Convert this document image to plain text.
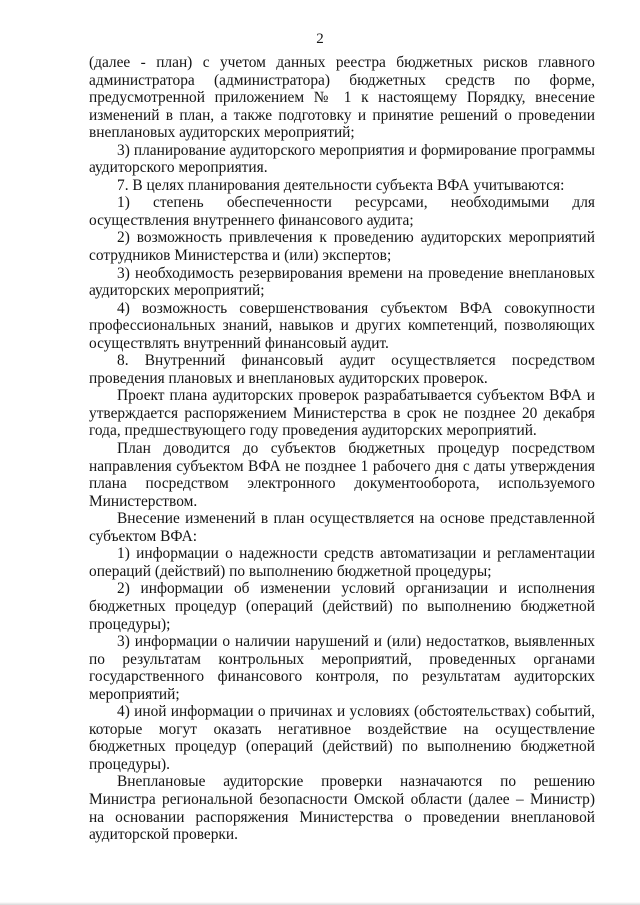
2

(далее - план) с учетом данных реестра бюджетных рисков главного администратора (администратора) бюджетных средств по форме, предусмотренной приложением № 1 к настоящему Порядку, внесение изменений в план, а также подготовку и принятие решений о проведении внеплановых аудиторских мероприятий;

3) планирование аудиторского мероприятия и формирование программы аудиторского мероприятия.

7. В целях планирования деятельности субъекта ВФА учитываются:

1) степень обеспеченности ресурсами, необходимыми для осуществления внутреннего финансового аудита;

2) возможность привлечения к проведению аудиторских мероприятий сотрудников Министерства и (или) экспертов;

3) необходимость резервирования времени на проведение внеплановых аудиторских мероприятий;

4) возможность совершенствования субъектом ВФА совокупности профессиональных знаний, навыков и других компетенций, позволяющих осуществлять внутренний финансовый аудит.

8. Внутренний финансовый аудит осуществляется посредством проведения плановых и внеплановых аудиторских проверок.

Проект плана аудиторских проверок разрабатывается субъектом ВФА и утверждается распоряжением Министерства в срок не позднее 20 декабря года, предшествующего году проведения аудиторских мероприятий.

План доводится до субъектов бюджетных процедур посредством направления субъектом ВФА не позднее 1 рабочего дня с даты утверждения плана посредством электронного документооборота, используемого Министерством.

Внесение изменений в план осуществляется на основе представленной субъектом ВФА:

1) информации о надежности средств автоматизации и регламентации операций (действий) по выполнению бюджетной процедуры;

2) информации об изменении условий организации и исполнения бюджетных процедур (операций (действий) по выполнению бюджетной процедуры);

3) информации о наличии нарушений и (или) недостатков, выявленных по результатам контрольных мероприятий, проведенных органами государственного финансового контроля, по результатам аудиторских мероприятий;

4) иной информации о причинах и условиях (обстоятельствах) событий, которые могут оказать негативное воздействие на осуществление бюджетных процедур (операций (действий) по выполнению бюджетной процедуры).

Внеплановые аудиторские проверки назначаются по решению Министра региональной безопасности Омской области (далее – Министр) на основании распоряжения Министерства о проведении внеплановой аудиторской проверки.
